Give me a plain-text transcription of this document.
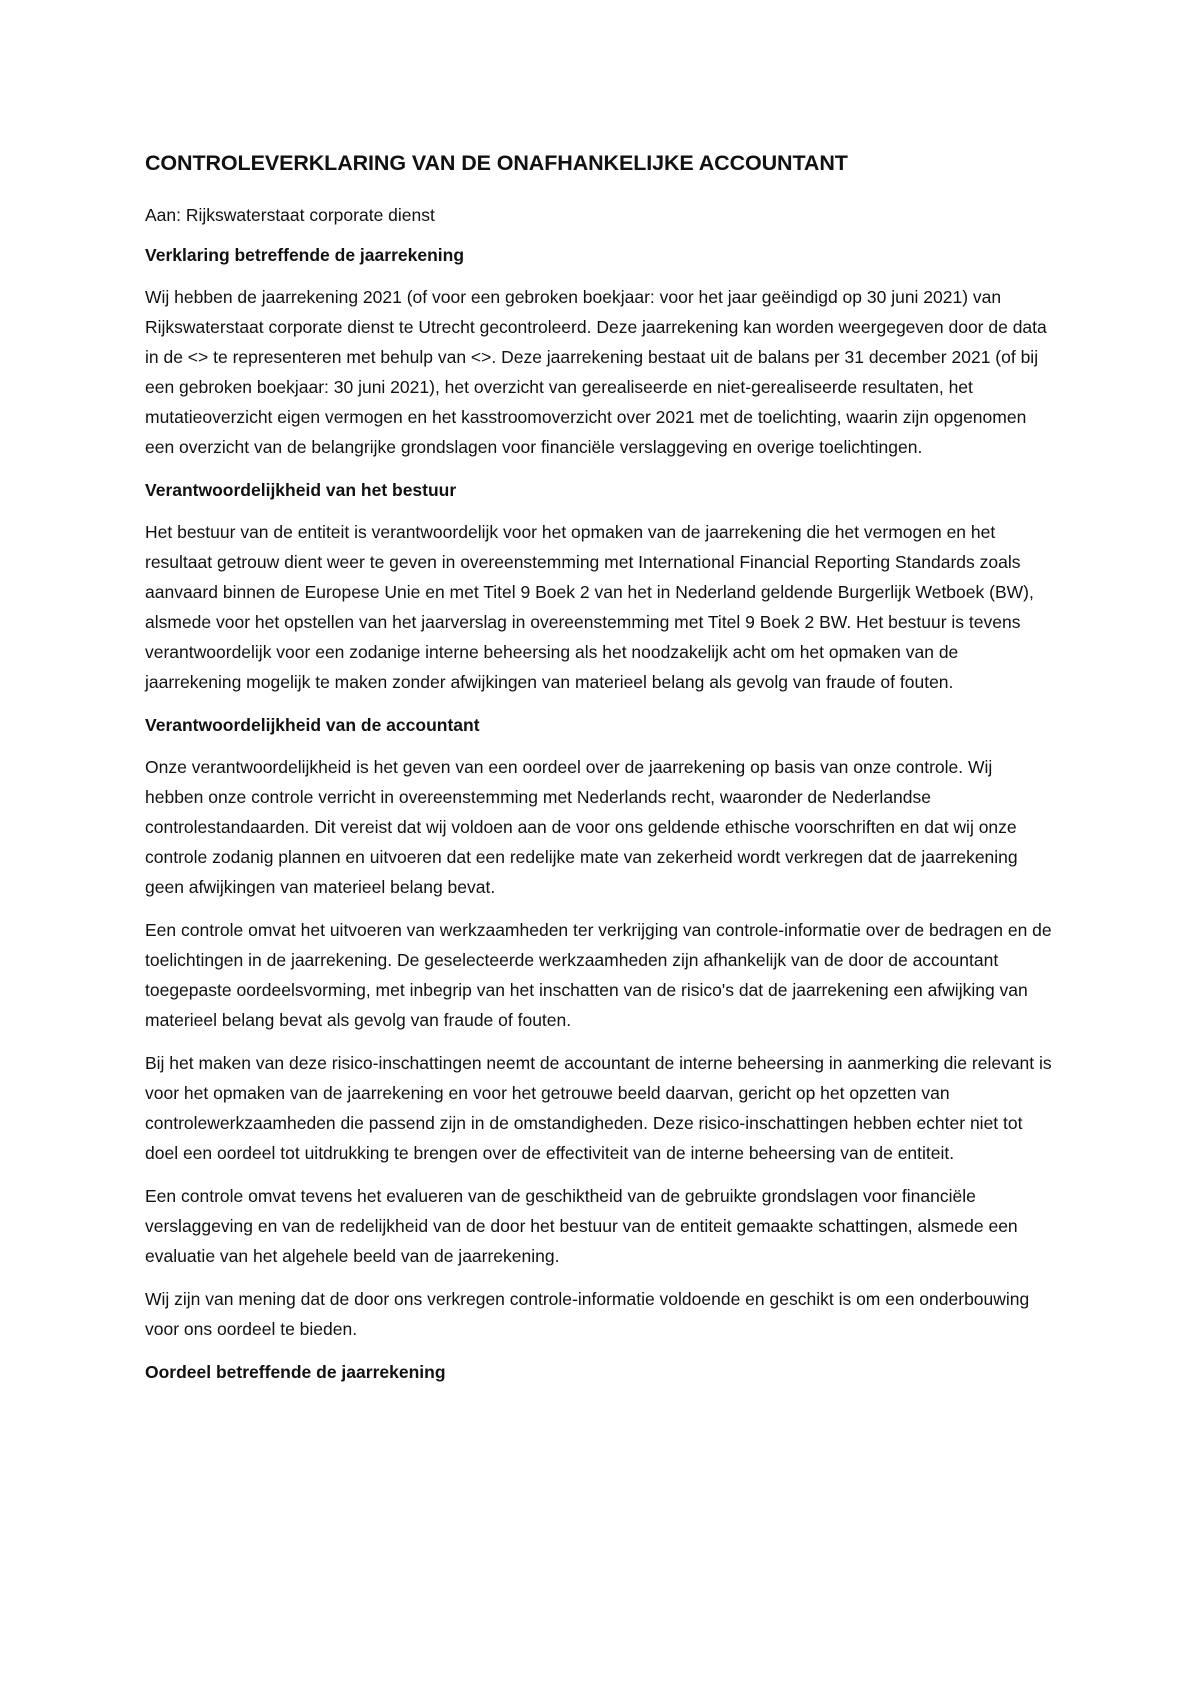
CONTROLEVERKLARING VAN DE ONAFHANKELIJKE ACCOUNTANT

Aan: Rijkswaterstaat corporate dienst

Verklaring betreffende de jaarrekening

Wij hebben de jaarrekening 2021 (of voor een gebroken boekjaar: voor het jaar geëindigd op 30 juni 2021) van Rijkswaterstaat corporate dienst te Utrecht gecontroleerd. Deze jaarrekening kan worden weergegeven door de data in de <> te representeren met behulp van <>. Deze jaarrekening bestaat uit de balans per 31 december 2021 (of bij een gebroken boekjaar: 30 juni 2021), het overzicht van gerealiseerde en niet-gerealiseerde resultaten, het mutatieoverzicht eigen vermogen en het kasstroomoverzicht over 2021 met de toelichting, waarin zijn opgenomen een overzicht van de belangrijke grondslagen voor financiële verslaggeving en overige toelichtingen.

Verantwoordelijkheid van het bestuur

Het bestuur van de entiteit is verantwoordelijk voor het opmaken van de jaarrekening die het vermogen en het resultaat getrouw dient weer te geven in overeenstemming met International Financial Reporting Standards zoals aanvaard binnen de Europese Unie en met Titel 9 Boek 2 van het in Nederland geldende Burgerlijk Wetboek (BW), alsmede voor het opstellen van het jaarverslag in overeenstemming met Titel 9 Boek 2 BW. Het bestuur is tevens verantwoordelijk voor een zodanige interne beheersing als het noodzakelijk acht om het opmaken van de jaarrekening mogelijk te maken zonder afwijkingen van materieel belang als gevolg van fraude of fouten.

Verantwoordelijkheid van de accountant

Onze verantwoordelijkheid is het geven van een oordeel over de jaarrekening op basis van onze controle. Wij hebben onze controle verricht in overeenstemming met Nederlands recht, waaronder de Nederlandse controlestandaarden. Dit vereist dat wij voldoen aan de voor ons geldende ethische voorschriften en dat wij onze controle zodanig plannen en uitvoeren dat een redelijke mate van zekerheid wordt verkregen dat de jaarrekening geen afwijkingen van materieel belang bevat.

Een controle omvat het uitvoeren van werkzaamheden ter verkrijging van controle-informatie over de bedragen en de toelichtingen in de jaarrekening. De geselecteerde werkzaamheden zijn afhankelijk van de door de accountant toegepaste oordeelsvorming, met inbegrip van het inschatten van de risico's dat de jaarrekening een afwijking van materieel belang bevat als gevolg van fraude of fouten.

Bij het maken van deze risico-inschattingen neemt de accountant de interne beheersing in aanmerking die relevant is voor het opmaken van de jaarrekening en voor het getrouwe beeld daarvan, gericht op het opzetten van controlewerkzaamheden die passend zijn in de omstandigheden. Deze risico-inschattingen hebben echter niet tot doel een oordeel tot uitdrukking te brengen over de effectiviteit van de interne beheersing van de entiteit.

Een controle omvat tevens het evalueren van de geschiktheid van de gebruikte grondslagen voor financiële verslaggeving en van de redelijkheid van de door het bestuur van de entiteit gemaakte schattingen, alsmede een evaluatie van het algehele beeld van de jaarrekening.

Wij zijn van mening dat de door ons verkregen controle-informatie voldoende en geschikt is om een onderbouwing voor ons oordeel te bieden.

Oordeel betreffende de jaarrekening
